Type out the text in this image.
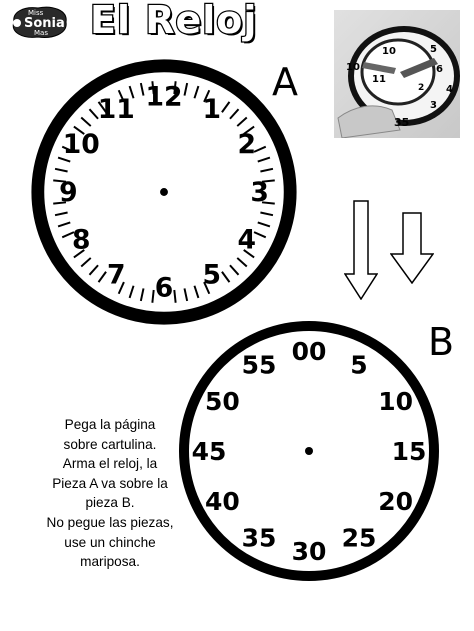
Miss
Sonia
Mas El Reloj
A
B
12 1
2
3
4
5
6
7
8
9
10
11
00 5
10
15
20
25
30
35
40
45
50
55
10
11
5
6
35
10
2
3
4
Pega la página
sobre cartulina.
Arma el reloj, la
Pieza A va sobre la
pieza B.
No pegue las piezas,
use un chinche
mariposa.
